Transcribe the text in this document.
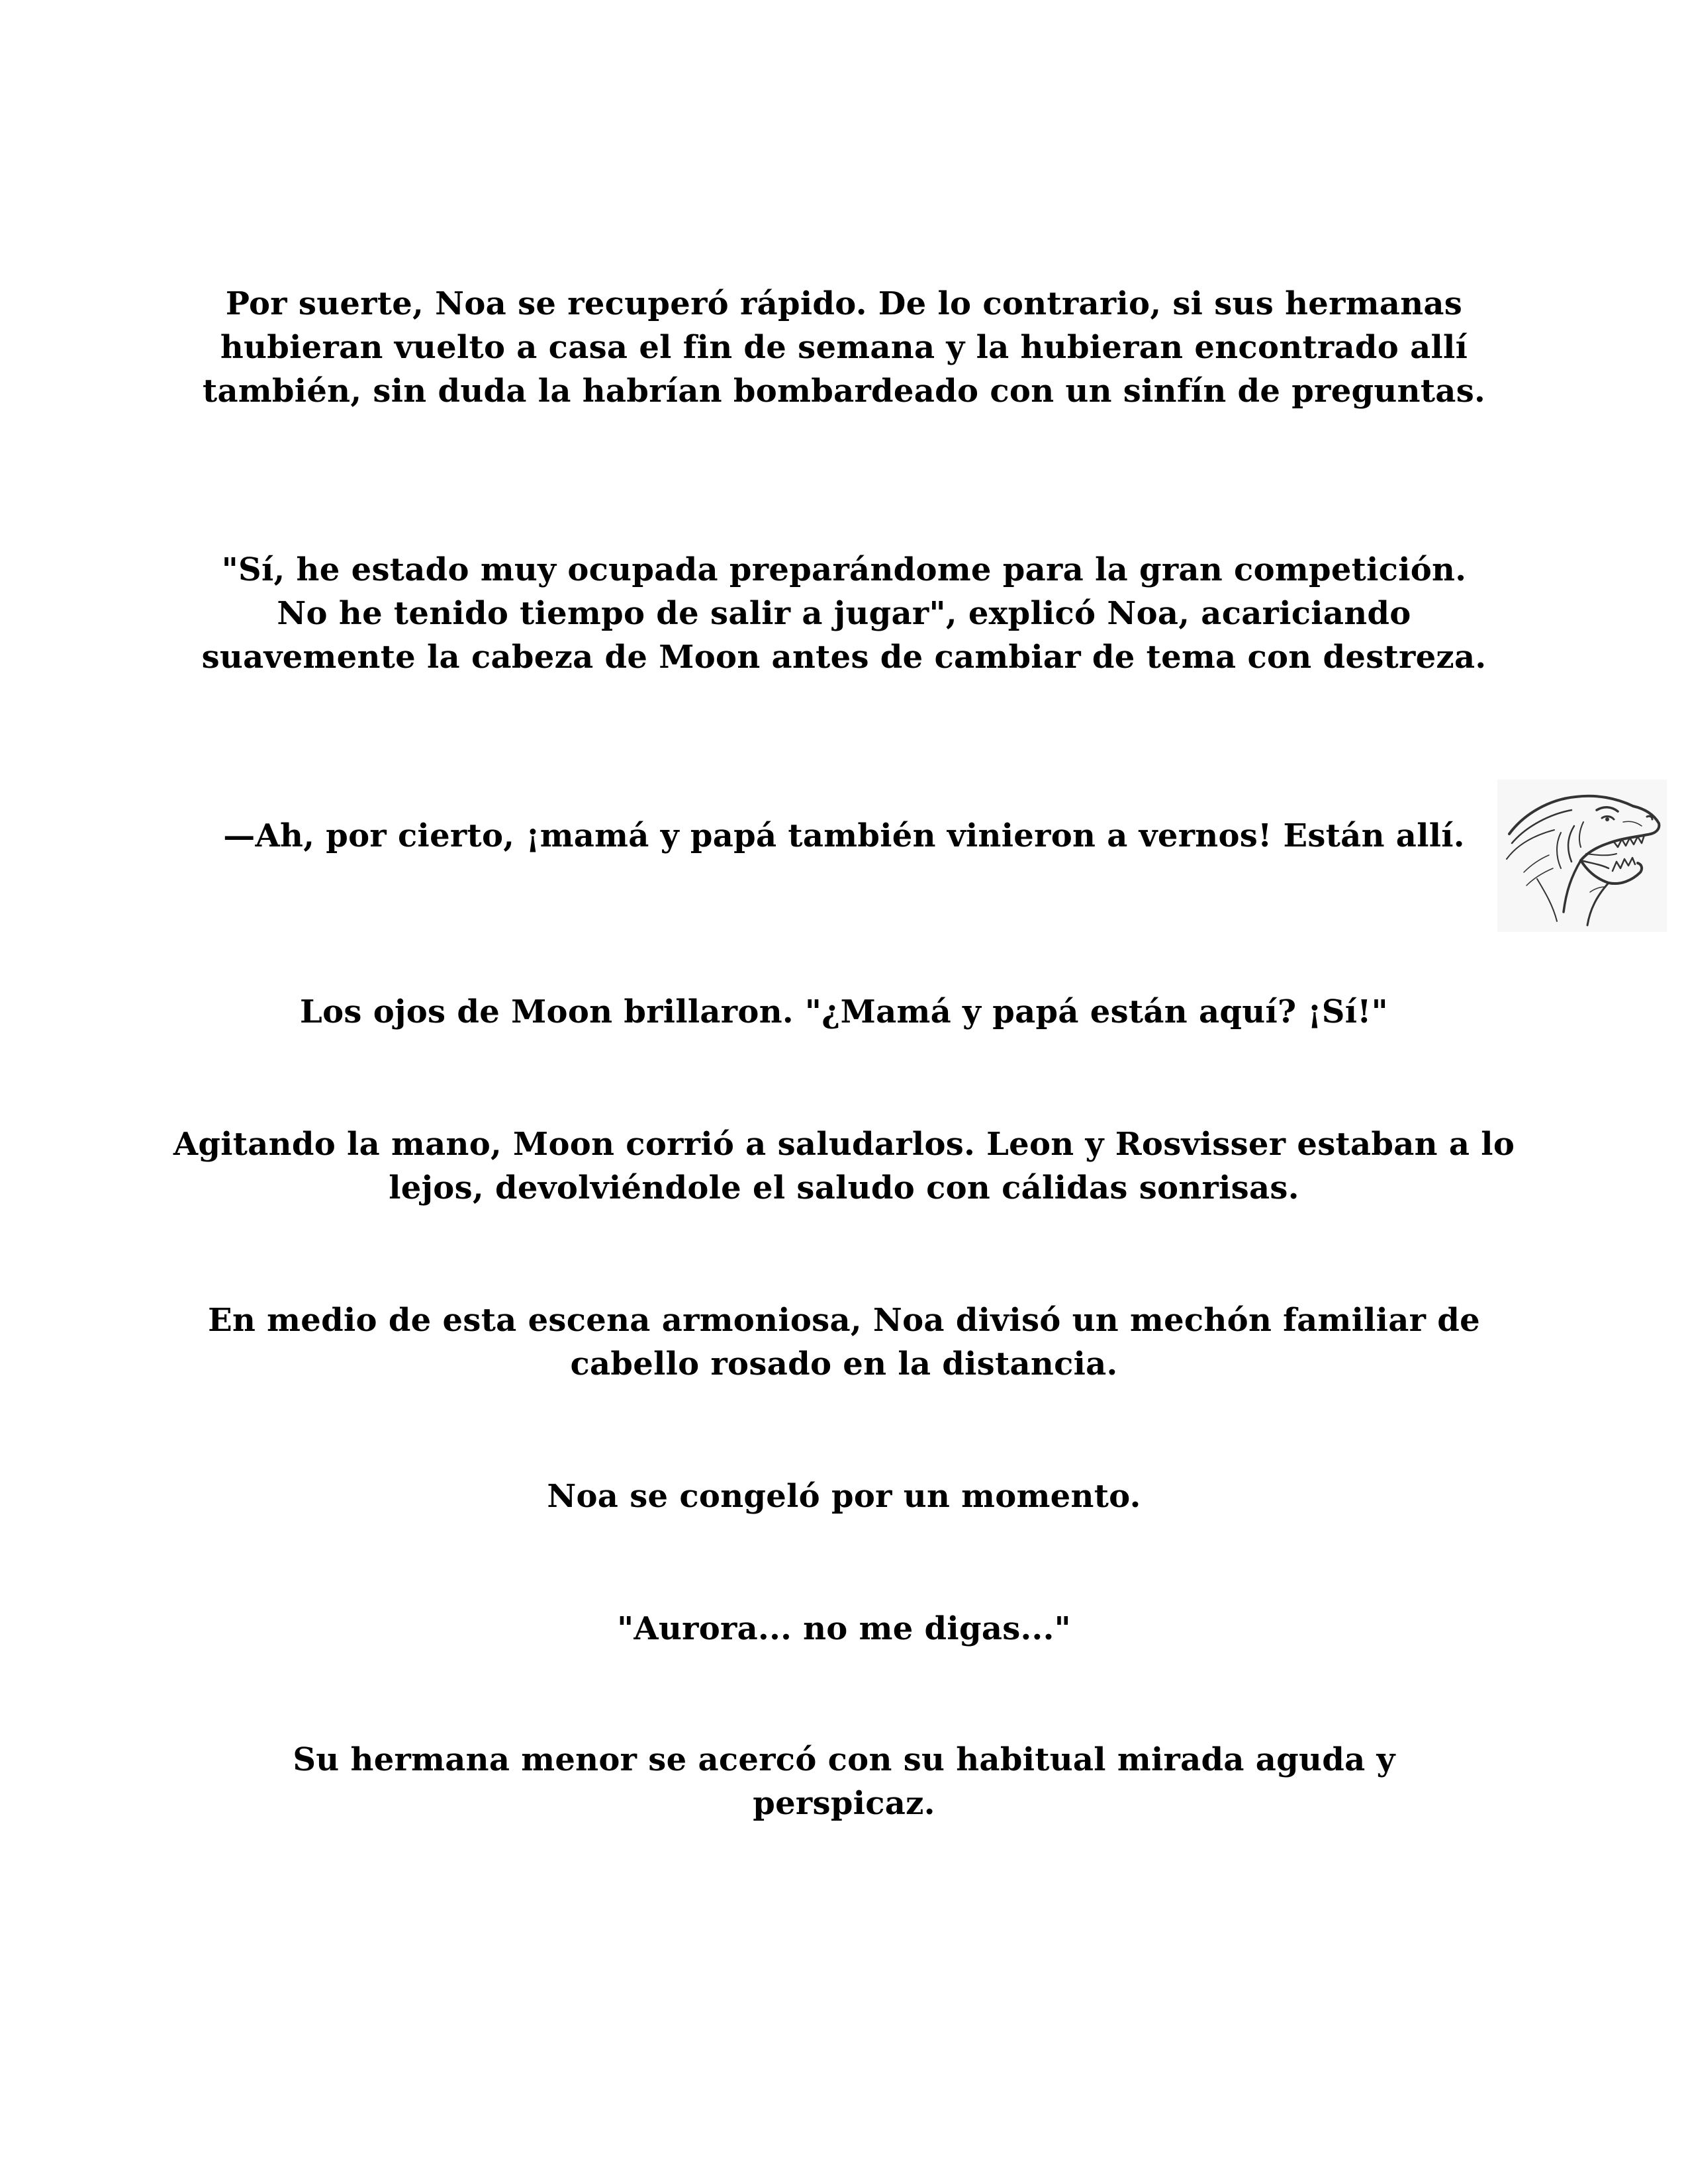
Por suerte, Noa se recuperó rápido. De lo contrario, si sus hermanas hubieran vuelto a casa el fin de semana y la hubieran encontrado allí también, sin duda la habrían bombardeado con un sinfín de preguntas.

"Sí, he estado muy ocupada preparándome para la gran competición. No he tenido tiempo de salir a jugar", explicó Noa, acariciando suavemente la cabeza de Moon antes de cambiar de tema con destreza.

—Ah, por cierto, ¡mamá y papá también vinieron a vernos! Están allí.

Los ojos de Moon brillaron. "¿Mamá y papá están aquí? ¡Sí!"

Agitando la mano, Moon corrió a saludarlos. Leon y Rosvisser estaban a lo lejos, devolviéndole el saludo con cálidas sonrisas.

En medio de esta escena armoniosa, Noa divisó un mechón familiar de cabello rosado en la distancia.

Noa se congeló por un momento.

"Aurora... no me digas..."

Su hermana menor se acercó con su habitual mirada aguda y perspicaz.
